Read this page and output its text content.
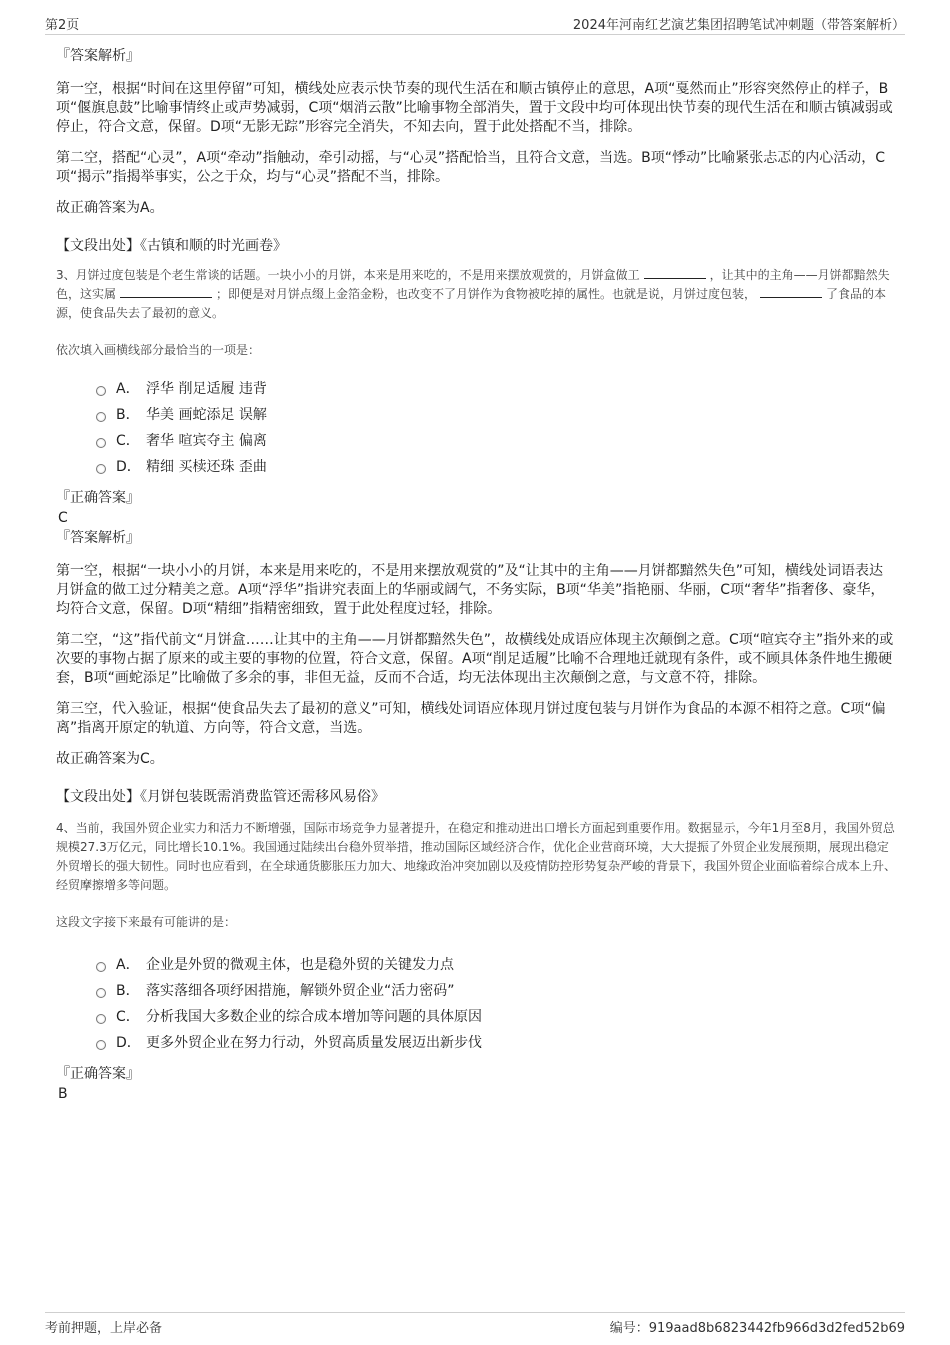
第2页	2024年河南红艺演艺集团招聘笔试冲刺题（带答案解析）
『答案解析』

第一空，根据“时间在这里停留”可知，横线处应表示快节奏的现代生活在和顺古镇停止的意思，A项“戛然而止”形容突然停止的样子，B项“偃旗息鼓”比喻事情终止或声势减弱，C项“烟消云散”比喻事物全部消失，置于文段中均可体现出快节奏的现代生活在和顺古镇减弱或停止，符合文意，保留。D项“无影无踪”形容完全消失，不知去向，置于此处搭配不当，排除。

第二空，搭配“心灵”，A项“牵动”指触动，牵引动摇，与“心灵”搭配恰当，且符合文意，当选。B项“悸动”比喻紧张忐忑的内心活动，C项“揭示”指揭举事实，公之于众，均与“心灵”搭配不当，排除。

故正确答案为A。

【文段出处】《古镇和顺的时光画卷》
3、月饼过度包装是个老生常谈的话题。一块小小的月饼，本来是用来吃的，不是用来摆放观赏的，月饼盒做工	，让其中的主角——月饼都黯然失色，这实属	；即便是对月饼点缀上金箔金粉，也改变不了月饼作为食物被吃掉的属性。也就是说，月饼过度包装，	了食品的本源，使食品失去了最初的意义。
依次填入画横线部分最恰当的一项是：
A． 浮华 削足适履 违背
B． 华美 画蛇添足 误解
C． 奢华 喧宾夺主 偏离
D． 精细 买椟还珠 歪曲
『正确答案』
C
『答案解析』

第一空，根据“一块小小的月饼，本来是用来吃的，不是用来摆放观赏的”及“让其中的主角——月饼都黯然失色”可知，横线处词语表达月饼盒的做工过分精美之意。A项“浮华”指讲究表面上的华丽或阔气，不务实际，B项“华美”指艳丽、华丽，C项“奢华”指奢侈、豪华，均符合文意，保留。D项“精细”指精密细致，置于此处程度过轻，排除。

第二空，“这”指代前文“月饼盒……让其中的主角——月饼都黯然失色”，故横线处成语应体现主次颠倒之意。C项“喧宾夺主”指外来的或次要的事物占据了原来的或主要的事物的位置，符合文意，保留。A项“削足适履”比喻不合理地迁就现有条件，或不顾具体条件地生搬硬套，B项“画蛇添足”比喻做了多余的事，非但无益，反而不合适，均无法体现出主次颠倒之意，与文意不符，排除。

第三空，代入验证，根据“使食品失去了最初的意义”可知，横线处词语应体现月饼过度包装与月饼作为食品的本源不相符之意。C项“偏离”指离开原定的轨道、方向等，符合文意，当选。

故正确答案为C。

【文段出处】《月饼包装既需消费监管还需移风易俗》
4、当前，我国外贸企业实力和活力不断增强，国际市场竞争力显著提升，在稳定和推动进出口增长方面起到重要作用。数据显示，今年1月至8月，我国外贸总规模27.3万亿元，同比增长10.1%。我国通过陆续出台稳外贸举措，推动国际区域经济合作，优化企业营商环境，大大提振了外贸企业发展预期，展现出稳定外贸增长的强大韧性。同时也应看到，在全球通货膨胀压力加大、地缘政治冲突加剧以及疫情防控形势复杂严峻的背景下，我国外贸企业面临着综合成本上升、经贸摩擦增多等问题。
这段文字接下来最有可能讲的是：
A． 企业是外贸的微观主体，也是稳外贸的关键发力点
B． 落实落细各项纾困措施，解锁外贸企业“活力密码”
C． 分析我国大多数企业的综合成本增加等问题的具体原因
D． 更多外贸企业在努力行动，外贸高质量发展迈出新步伐
『正确答案』
B
考前押题，上岸必备	编号：919aad8b6823442fb966d3d2fed52b69
